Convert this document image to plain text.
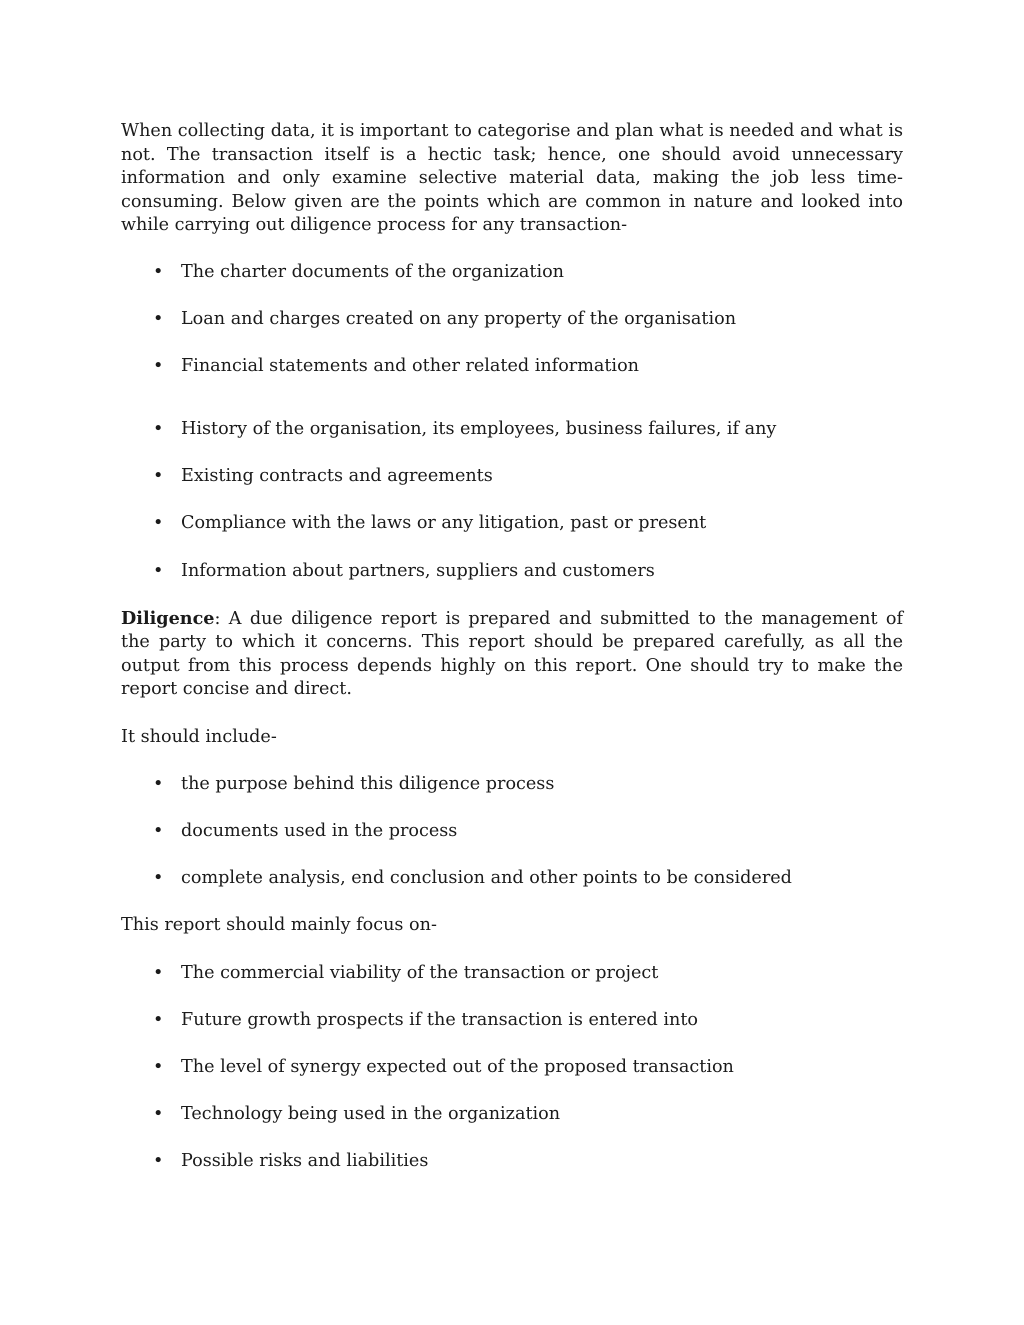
When collecting data, it is important to categorise and plan what is needed and what is not. The transaction itself is a hectic task; hence, one should avoid unnecessary information and only examine selective material data, making the job less time-consuming. Below given are the points which are common in nature and looked into while carrying out diligence process for any transaction-

• The charter documents of the organization
• Loan and charges created on any property of the organisation
• Financial statements and other related information
• History of the organisation, its employees, business failures, if any
• Existing contracts and agreements
• Compliance with the laws or any litigation, past or present
• Information about partners, suppliers and customers

Diligence: A due diligence report is prepared and submitted to the management of the party to which it concerns. This report should be prepared carefully, as all the output from this process depends highly on this report. One should try to make the report concise and direct.

It should include-

• the purpose behind this diligence process
• documents used in the process
• complete analysis, end conclusion and other points to be considered

This report should mainly focus on-

• The commercial viability of the transaction or project
• Future growth prospects if the transaction is entered into
• The level of synergy expected out of the proposed transaction
• Technology being used in the organization
• Possible risks and liabilities
